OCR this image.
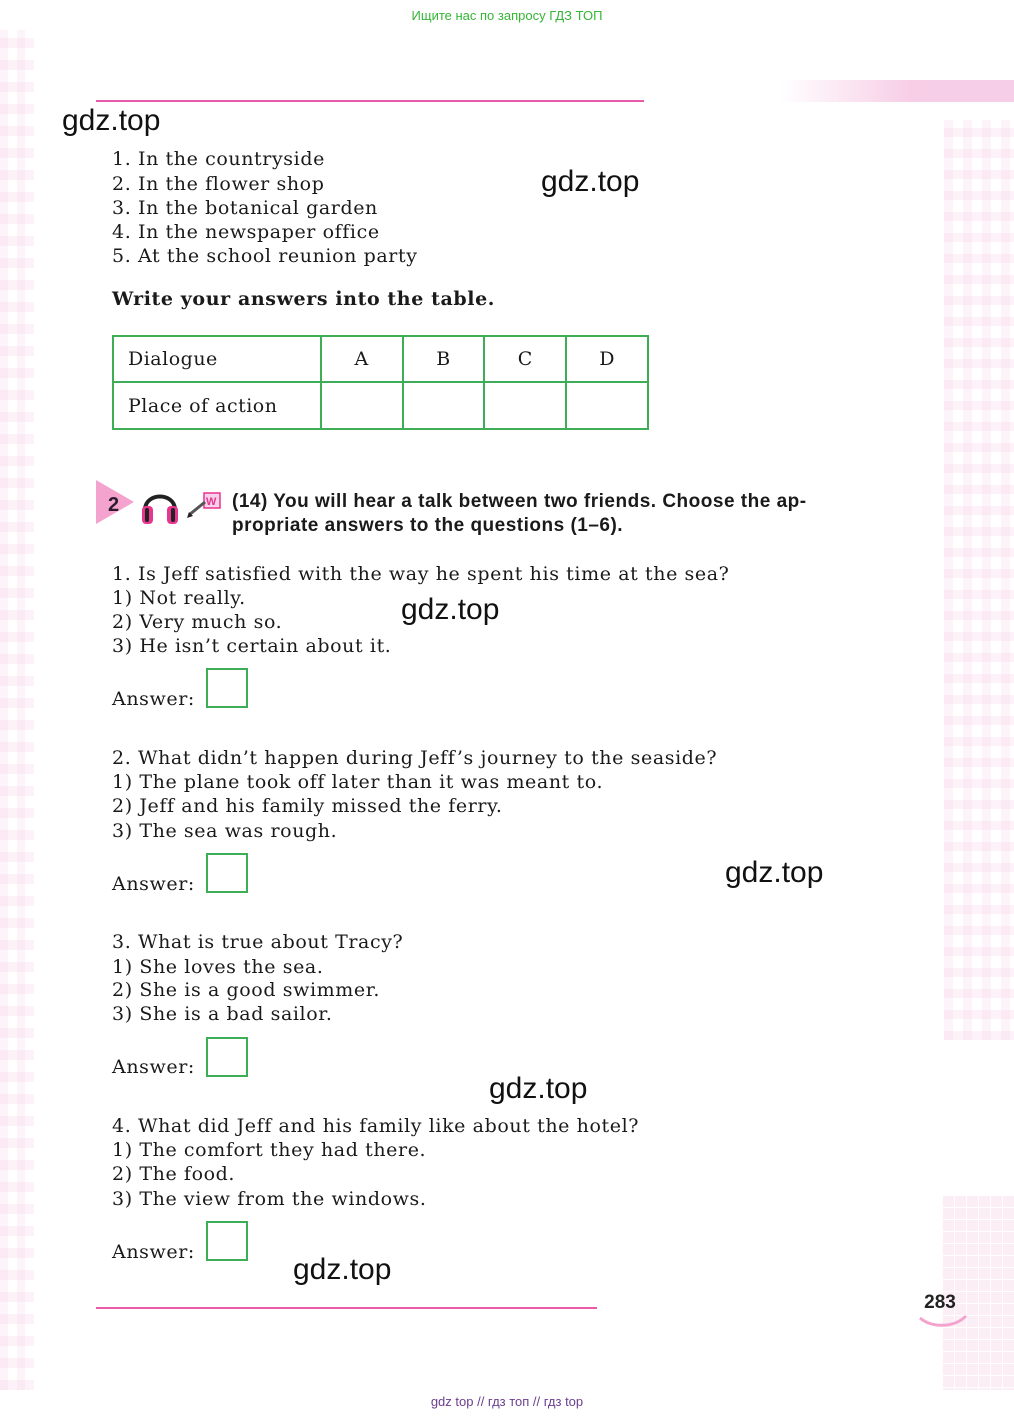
Ищите нас по запросу ГДЗ ТОП
gdz.top
gdz.top
gdz.top
gdz.top
gdz.top
gdz.top
1. In the countryside
2. In the flower shop
3. In the botanical garden
4. In the newspaper office
5. At the school reunion party
Write your answers into the table.
Dialogue	A	B	C	D
Place of action				
2	W (14) You will hear a talk between two friends. Choose the ap-
propriate answers to the questions (1–6).
1. Is Jeff satisfied with the way he spent his time at the sea?
1) Not really.
2) Very much so.
3) He isn’t certain about it.
Answer:
2. What didn’t happen during Jeff’s journey to the seaside?
1) The plane took off later than it was meant to.
2) Jeff and his family missed the ferry.
3) The sea was rough.
Answer:
3. What is true about Tracy?
1) She loves the sea.
2) She is a good swimmer.
3) She is a bad sailor.
Answer:
4. What did Jeff and his family like about the hotel?
1) The comfort they had there.
2) The food.
3) The view from the windows.
Answer:
283
gdz top // гдз топ // гдз top
